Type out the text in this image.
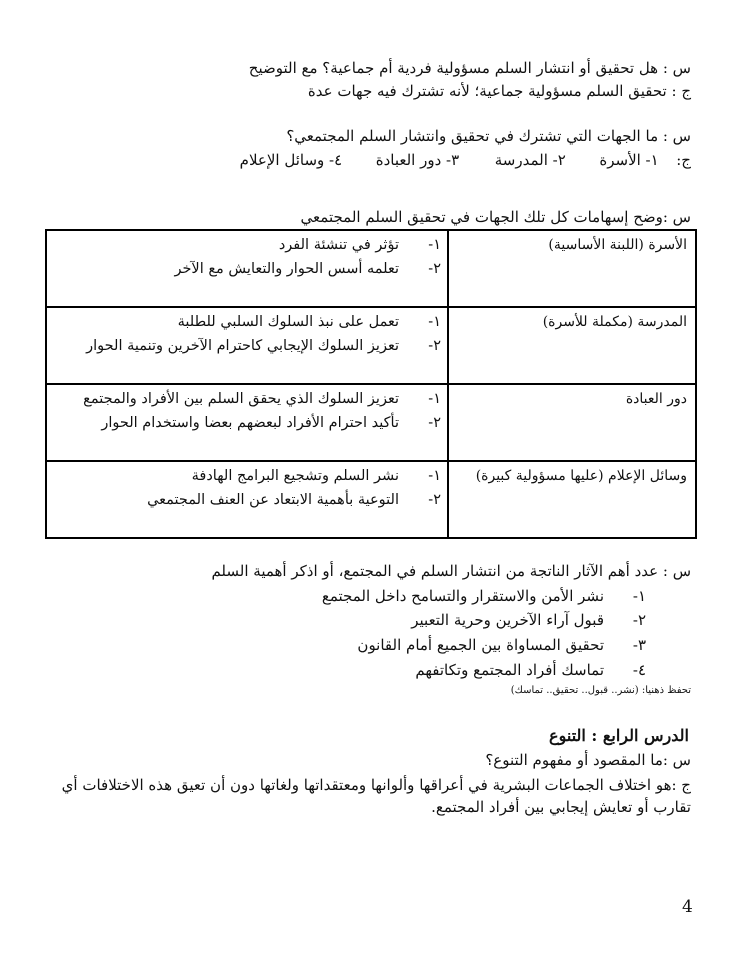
س : هل تحقيق أو انتشار السلم مسؤولية فردية أم جماعية؟ مع التوضيح
ج : تحقيق السلم مسؤولية جماعية؛ لأنه تشترك فيه جهات عدة
س : ما الجهات التي تشترك في تحقيق وانتشار السلم المجتمعي؟
ج:  ١- الأسرة  ٢- المدرسة  ٣- دور العبادة  ٤- وسائل الإعلام
س :وضح إسهامات كل تلك الجهات في تحقيق السلم المجتمعي
الأسرة (اللبنة الأساسية)	١-تؤثر في تنشئة الفرد
٢-تعلمه أسس الحوار والتعايش مع الآخر

المدرسة (مكملة للأسرة)	١-تعمل على نبذ السلوك السلبي للطلبة
٢-تعزيز السلوك الإيجابي كاحترام الآخرين وتنمية الحوار

دور العبادة	١-تعزيز السلوك الذي يحقق السلم بين الأفراد والمجتمع
٢-تأكيد احترام الأفراد لبعضهم بعضا واستخدام الحوار

وسائل الإعلام (عليها مسؤولية كبيرة)	١-نشر السلم وتشجيع البرامج الهادفة
٢-التوعية بأهمية الابتعاد عن العنف المجتمعي
س : عدد أهم الآثار الناتجة من انتشار السلم في المجتمع، أو اذكر أهمية السلم
١-نشر الأمن والاستقرار والتسامح داخل المجتمع
٢-قبول آراء الآخرين وحرية التعبير
٣-تحقيق المساواة بين الجميع أمام القانون
٤-تماسك أفراد المجتمع وتكاتفهم
تحفظ ذهنيا: (نشر.. قبول.. تحقيق.. تماسك)
الدرس الرابع : التنوع
س :ما المقصود أو مفهوم التنوع؟
ج :هو اختلاف الجماعات البشرية في أعراقها وألوانها ومعتقداتها ولغاتها دون أن تعيق هذه الاختلافات أي تقارب أو تعايش إيجابي بين أفراد المجتمع.
4
